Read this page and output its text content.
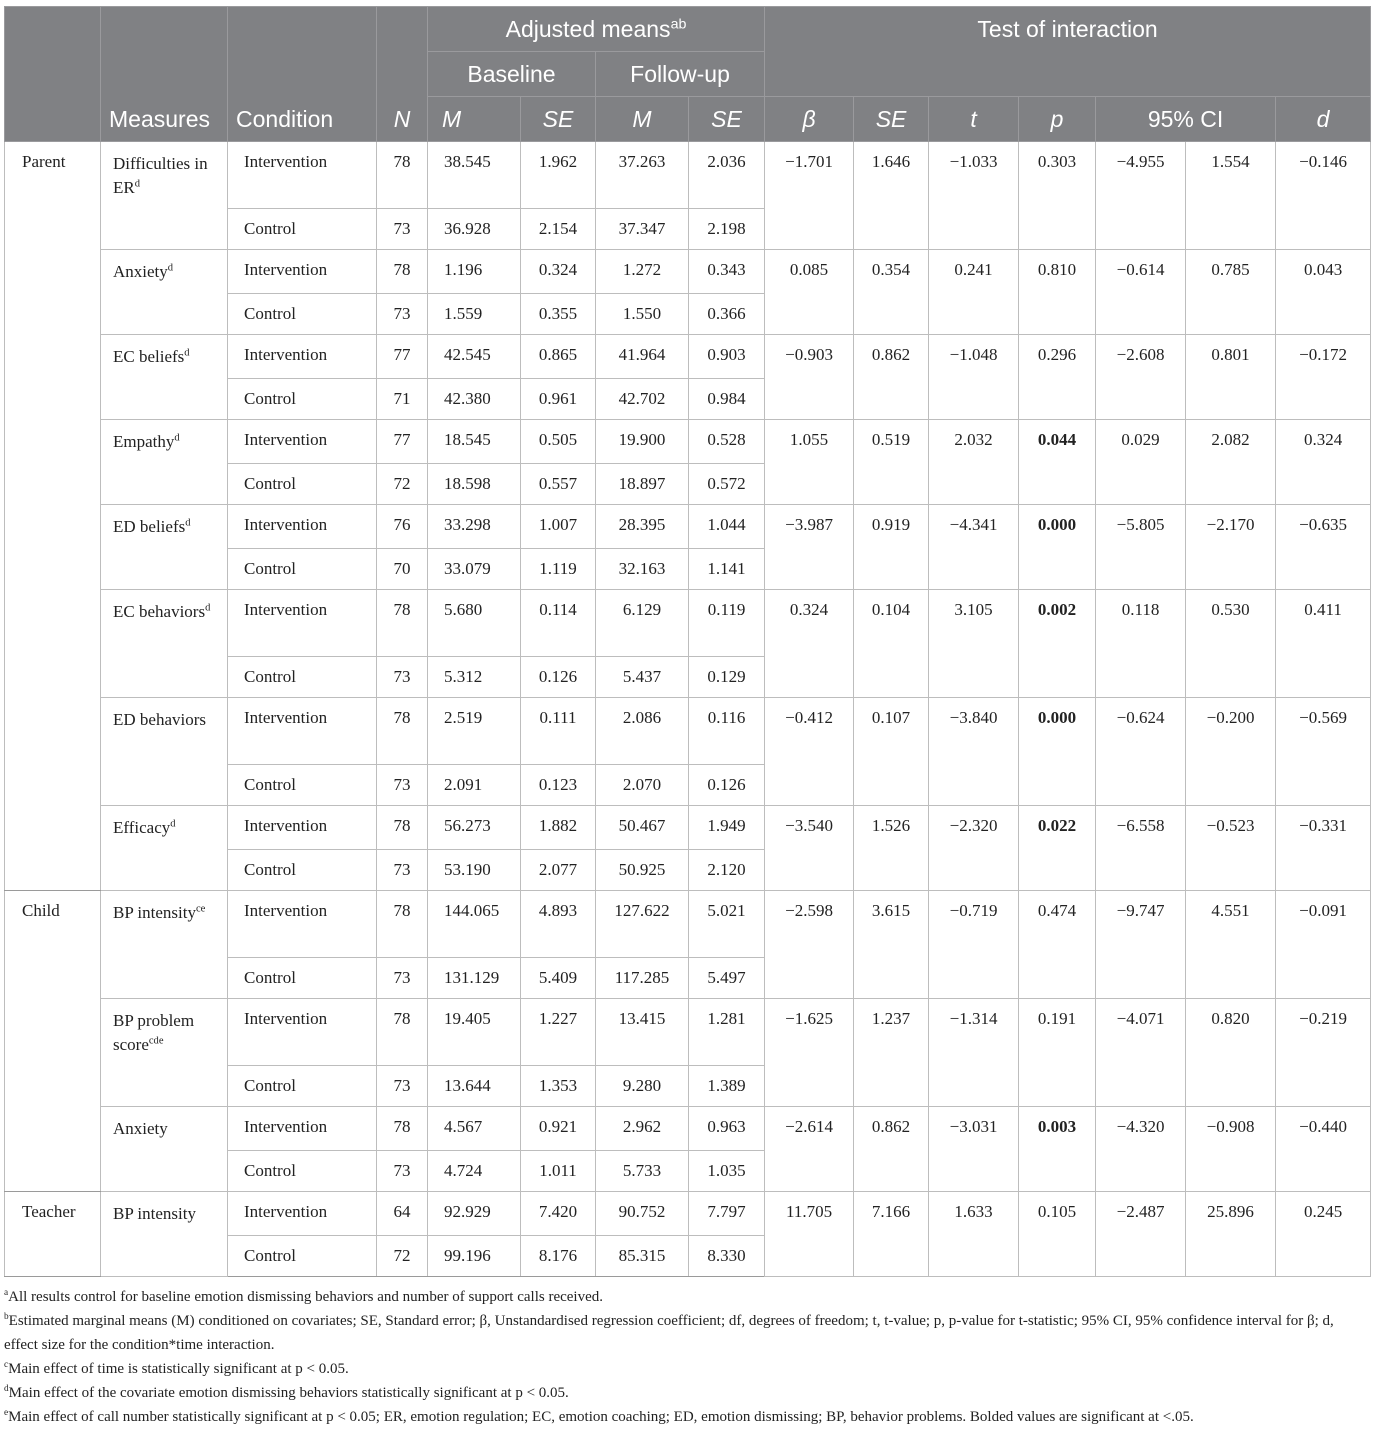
	Measures	Condition	N	Adjusted means$^{ab}$				Test of interaction						
				Baseline		Follow-up								
				M	SE	M	SE	β	SE	t	p	95% CI		d
Parent	Difficulties in $ER^d$	Intervention	78	38.545	1.962	37.263	2.036	−1.701	1.646	−1.033	0.303	−4.955	1.554	−0.146
		Control	73	36.928	2.154	37.347	2.198							
	Anxiety$^d$	Intervention	78	1.196	0.324	1.272	0.343	0.085	0.354	0.241	0.810	−0.614	0.785	0.043
		Control	73	1.559	0.355	1.550	0.366							
	EC beliefs$^d$	Intervention	77	42.545	0.865	41.964	0.903	−0.903	0.862	−1.048	0.296	−2.608	0.801	−0.172
		Control	71	42.380	0.961	42.702	0.984							
	Empathy$^d$	Intervention	77	18.545	0.505	19.900	0.528	1.055	0.519	2.032	0.044	0.029	2.082	0.324
		Control	72	18.598	0.557	18.897	0.572							
	ED beliefs$^d$	Intervention	76	33.298	1.007	28.395	1.044	−3.987	0.919	−4.341	0.000	−5.805	−2.170	−0.635
		Control	70	33.079	1.119	32.163	1.141							
	EC behaviors$^d$	Intervention	78	5.680	0.114	6.129	0.119	0.324	0.104	3.105	0.002	0.118	0.530	0.411
		Control	73	5.312	0.126	5.437	0.129							
	ED behaviors	Intervention	78	2.519	0.111	2.086	0.116	−0.412	0.107	−3.840	0.000	−0.624	−0.200	−0.569
		Control	73	2.091	0.123	2.070	0.126							
	Efficacy$^d$	Intervention	78	56.273	1.882	50.467	1.949	−3.540	1.526	−2.320	0.022	−6.558	−0.523	−0.331
		Control	73	53.190	2.077	50.925	2.120							
Child	BP intensity$^{ce}$	Intervention	78	144.065	4.893	127.622	5.021	−2.598	3.615	−0.719	0.474	−9.747	4.551	−0.091
		Control	73	131.129	5.409	117.285	5.497							
	BP problem score$^{cde}$	Intervention	78	19.405	1.227	13.415	1.281	−1.625	1.237	−1.314	0.191	−4.071	0.820	−0.219
		Control	73	13.644	1.353	9.280	1.389							
	Anxiety	Intervention	78	4.567	0.921	2.962	0.963	−2.614	0.862	−3.031	0.003	−4.320	−0.908	−0.440
		Control	73	4.724	1.011	5.733	1.035							
Teacher	BP intensity	Intervention	64	92.929	7.420	90.752	7.797	11.705	7.166	1.633	0.105	−2.487	25.896	0.245
		Control	72	99.196	8.176	85.315	8.330							
$^a$All results control for baseline emotion dismissing behaviors and number of support calls received.
$^b$Estimated marginal means (M) conditioned on covariates; SE, Standard error; β, Unstandardised regression coefficient; df, degrees of freedom; t, t-value; p, p-value for t-statistic; 95% CI, 95% confidence interval for β; d, effect size for the condition*time interaction.
$^c$Main effect of time is statistically significant at p < 0.05.
$^d$Main effect of the covariate emotion dismissing behaviors statistically significant at p < 0.05.
$^e$Main effect of call number statistically significant at p < 0.05; ER, emotion regulation; EC, emotion coaching; ED, emotion dismissing; BP, behavior problems. Bolded values are significant at <.05.
